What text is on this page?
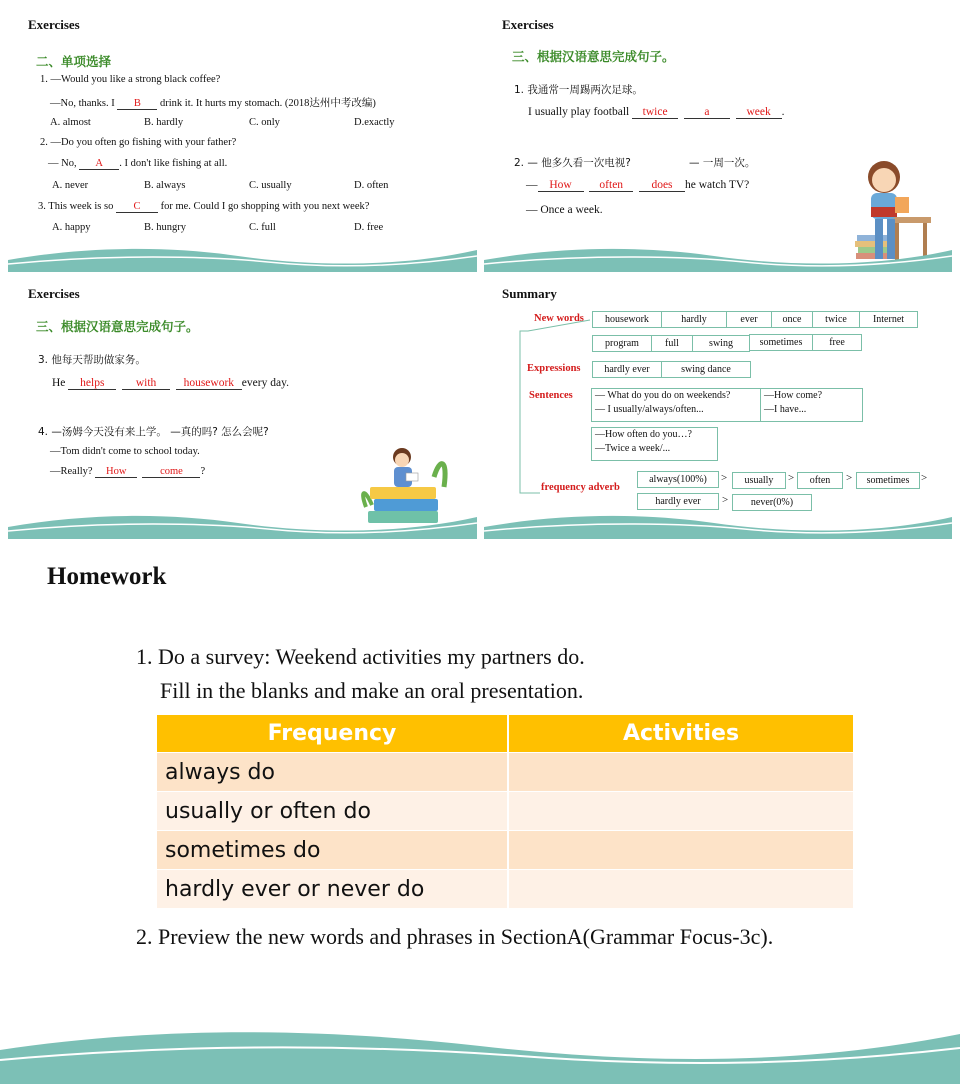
Exercises
二、单项选择
1. —Would you like a strong black coffee?
—No, thanks. I B drink it. It hurts my stomach. (2018达州中考改编)
A. almost	B. hardly	C. only	D.exactly
2. —Do you often go fishing with your father?
— No, A . I don't like fishing at all.
A. never	B. always	C. usually	D. often
3. This week is so C for me. Could I go shopping with you next week?
A. happy	B. hungry	C. full	D. free
Exercises
三、根据汉语意思完成句子。
1. 我通常一周踢两次足球。
I usually play football twice	a	week .
2. — 他多久看一次电视?	— 一周一次。
— How often does he watch TV?
— Once a week.
Exercises
三、根据汉语意思完成句子。
3. 他每天帮助做家务。
He helps	with housework every day.
4. —汤姆今天没有来上学。 —真的吗? 怎么会呢?
—Tom didn't come to school today.
—Really? How	come ?
Summary
New words
Expressions
Sentences
frequency adverb
housework	hardly	ever	once	twice	Internet
program	full	swing	sometimes	free
hardly ever	swing dance
— What do you do on weekends?
— I usually/always/often...
—How come?
—I have...
—How often do you…?
—Twice a week/...
always(100%)	>	usually	>	often	>	sometimes	>
hardly ever	>	never(0%)
Homework
1. Do a survey: Weekend activities my partners do.
Fill in the blanks and make an oral presentation.
Frequency	Activities
always do	
usually or often do	
sometimes do	
hardly ever or never do	
2. Preview the new words and phrases in SectionA(Grammar Focus-3c).
